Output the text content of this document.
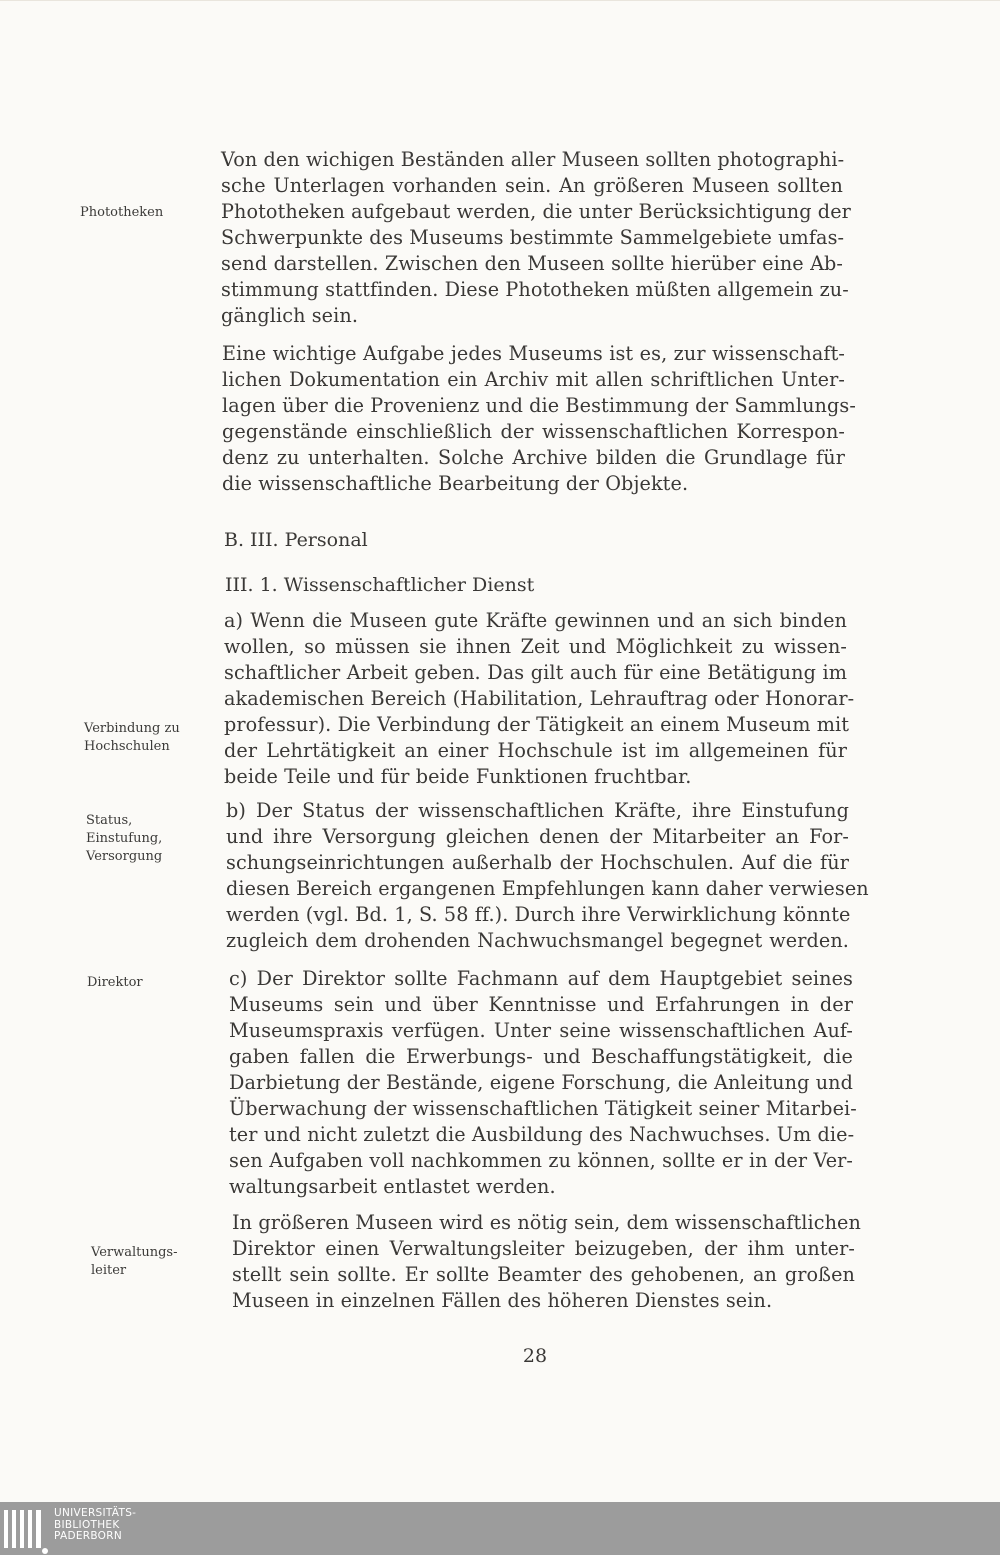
Phototheken
Verbindung zu
Hochschulen
Status,
Einstufung,
Versorgung
Direktor
Verwaltungs-
leiter
Von den wichigen Beständen aller Museen sollten photographi-
sche Unterlagen vorhanden sein. An größeren Museen sollten
Phototheken aufgebaut werden, die unter Berücksichtigung der
Schwerpunkte des Museums bestimmte Sammelgebiete umfas-
send darstellen. Zwischen den Museen sollte hierüber eine Ab-
stimmung stattfinden. Diese Phototheken müßten allgemein zu-
gänglich sein.
Eine wichtige Aufgabe jedes Museums ist es, zur wissenschaft-
lichen Dokumentation ein Archiv mit allen schriftlichen Unter-
lagen über die Provenienz und die Bestimmung der Sammlungs-
gegenstände einschließlich der wissenschaftlichen Korrespon-
denz zu unterhalten. Solche Archive bilden die Grundlage für
die wissenschaftliche Bearbeitung der Objekte.
B. III. Personal
III. 1. Wissenschaftlicher Dienst
a) Wenn die Museen gute Kräfte gewinnen und an sich binden
wollen, so müssen sie ihnen Zeit und Möglichkeit zu wissen-
schaftlicher Arbeit geben. Das gilt auch für eine Betätigung im
akademischen Bereich (Habilitation, Lehrauftrag oder Honorar-
professur). Die Verbindung der Tätigkeit an einem Museum mit
der Lehrtätigkeit an einer Hochschule ist im allgemeinen für
beide Teile und für beide Funktionen fruchtbar.
b) Der Status der wissenschaftlichen Kräfte, ihre Einstufung
und ihre Versorgung gleichen denen der Mitarbeiter an For-
schungseinrichtungen außerhalb der Hochschulen. Auf die für
diesen Bereich ergangenen Empfehlungen kann daher verwiesen
werden (vgl. Bd. 1, S. 58 ff.). Durch ihre Verwirklichung könnte
zugleich dem drohenden Nachwuchsmangel begegnet werden.
c) Der Direktor sollte Fachmann auf dem Hauptgebiet seines
Museums sein und über Kenntnisse und Erfahrungen in der
Museumspraxis verfügen. Unter seine wissenschaftlichen Auf-
gaben fallen die Erwerbungs- und Beschaffungstätigkeit, die
Darbietung der Bestände, eigene Forschung, die Anleitung und
Überwachung der wissenschaftlichen Tätigkeit seiner Mitarbei-
ter und nicht zuletzt die Ausbildung des Nachwuchses. Um die-
sen Aufgaben voll nachkommen zu können, sollte er in der Ver-
waltungsarbeit entlastet werden.
In größeren Museen wird es nötig sein, dem wissenschaftlichen
Direktor einen Verwaltungsleiter beizugeben, der ihm unter-
stellt sein sollte. Er sollte Beamter des gehobenen, an großen
Museen in einzelnen Fällen des höheren Dienstes sein.
28
UNIVERSITÄTS-
BIBLIOTHEK
PADERBORN
